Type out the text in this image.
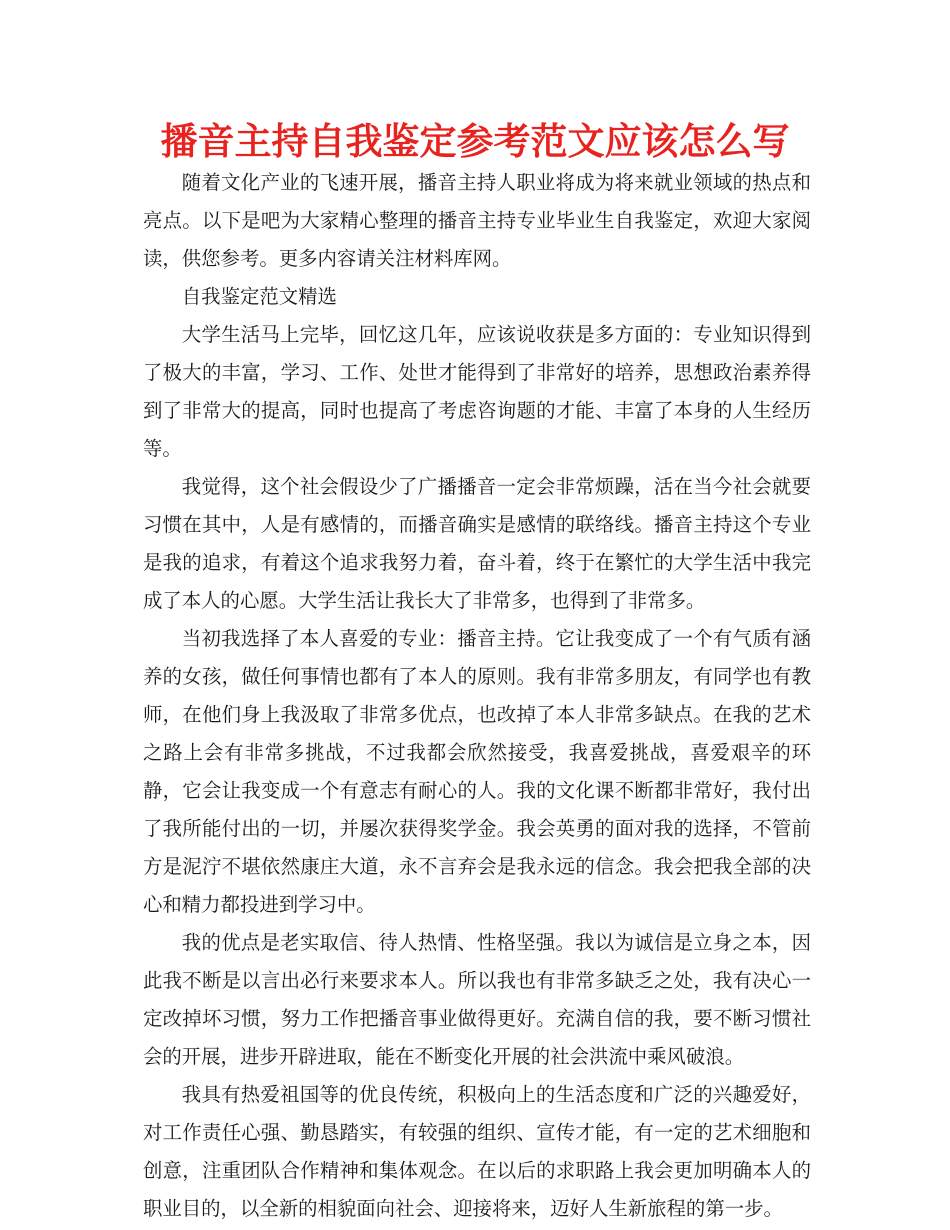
播音主持自我鉴定参考范文应该怎么写

随着文化产业的飞速开展，播音主持人职业将成为将来就业领域的热点和亮点。以下是吧为大家精心整理的播音主持专业毕业生自我鉴定，欢迎大家阅读，供您参考。更多内容请关注材料库网。

自我鉴定范文精选

大学生活马上完毕，回忆这几年，应该说收获是多方面的：专业知识得到了极大的丰富，学习、工作、处世才能得到了非常好的培养，思想政治素养得到了非常大的提高，同时也提高了考虑咨询题的才能、丰富了本身的人生经历等。

我觉得，这个社会假设少了广播播音一定会非常烦躁，活在当今社会就要习惯在其中，人是有感情的，而播音确实是感情的联络线。播音主持这个专业是我的追求，有着这个追求我努力着，奋斗着，终于在繁忙的大学生活中我完成了本人的心愿。大学生活让我长大了非常多，也得到了非常多。

当初我选择了本人喜爱的专业：播音主持。它让我变成了一个有气质有涵养的女孩，做任何事情也都有了本人的原则。我有非常多朋友，有同学也有教师，在他们身上我汲取了非常多优点，也改掉了本人非常多缺点。在我的艺术之路上会有非常多挑战，不过我都会欣然接受，我喜爱挑战，喜爱艰辛的环静，它会让我变成一个有意志有耐心的人。我的文化课不断都非常好，我付出了我所能付出的一切，并屡次获得奖学金。我会英勇的面对我的选择，不管前方是泥泞不堪依然康庄大道，永不言弃会是我永远的信念。我会把我全部的决心和精力都投进到学习中。

我的优点是老实取信、待人热情、性格坚强。我以为诚信是立身之本，因此我不断是以言出必行来要求本人。所以我也有非常多缺乏之处，我有决心一定改掉坏习惯，努力工作把播音事业做得更好。充满自信的我，要不断习惯社会的开展，进步开辟进取，能在不断变化开展的社会洪流中乘风破浪。

我具有热爱祖国等的优良传统，积极向上的生活态度和广泛的兴趣爱好，对工作责任心强、勤恳踏实，有较强的组织、宣传才能，有一定的艺术细胞和创意，注重团队合作精神和集体观念。在以后的求职路上我会更加明确本人的职业目的，以全新的相貌面向社会、迎接将来，迈好人生新旅程的第一步。
